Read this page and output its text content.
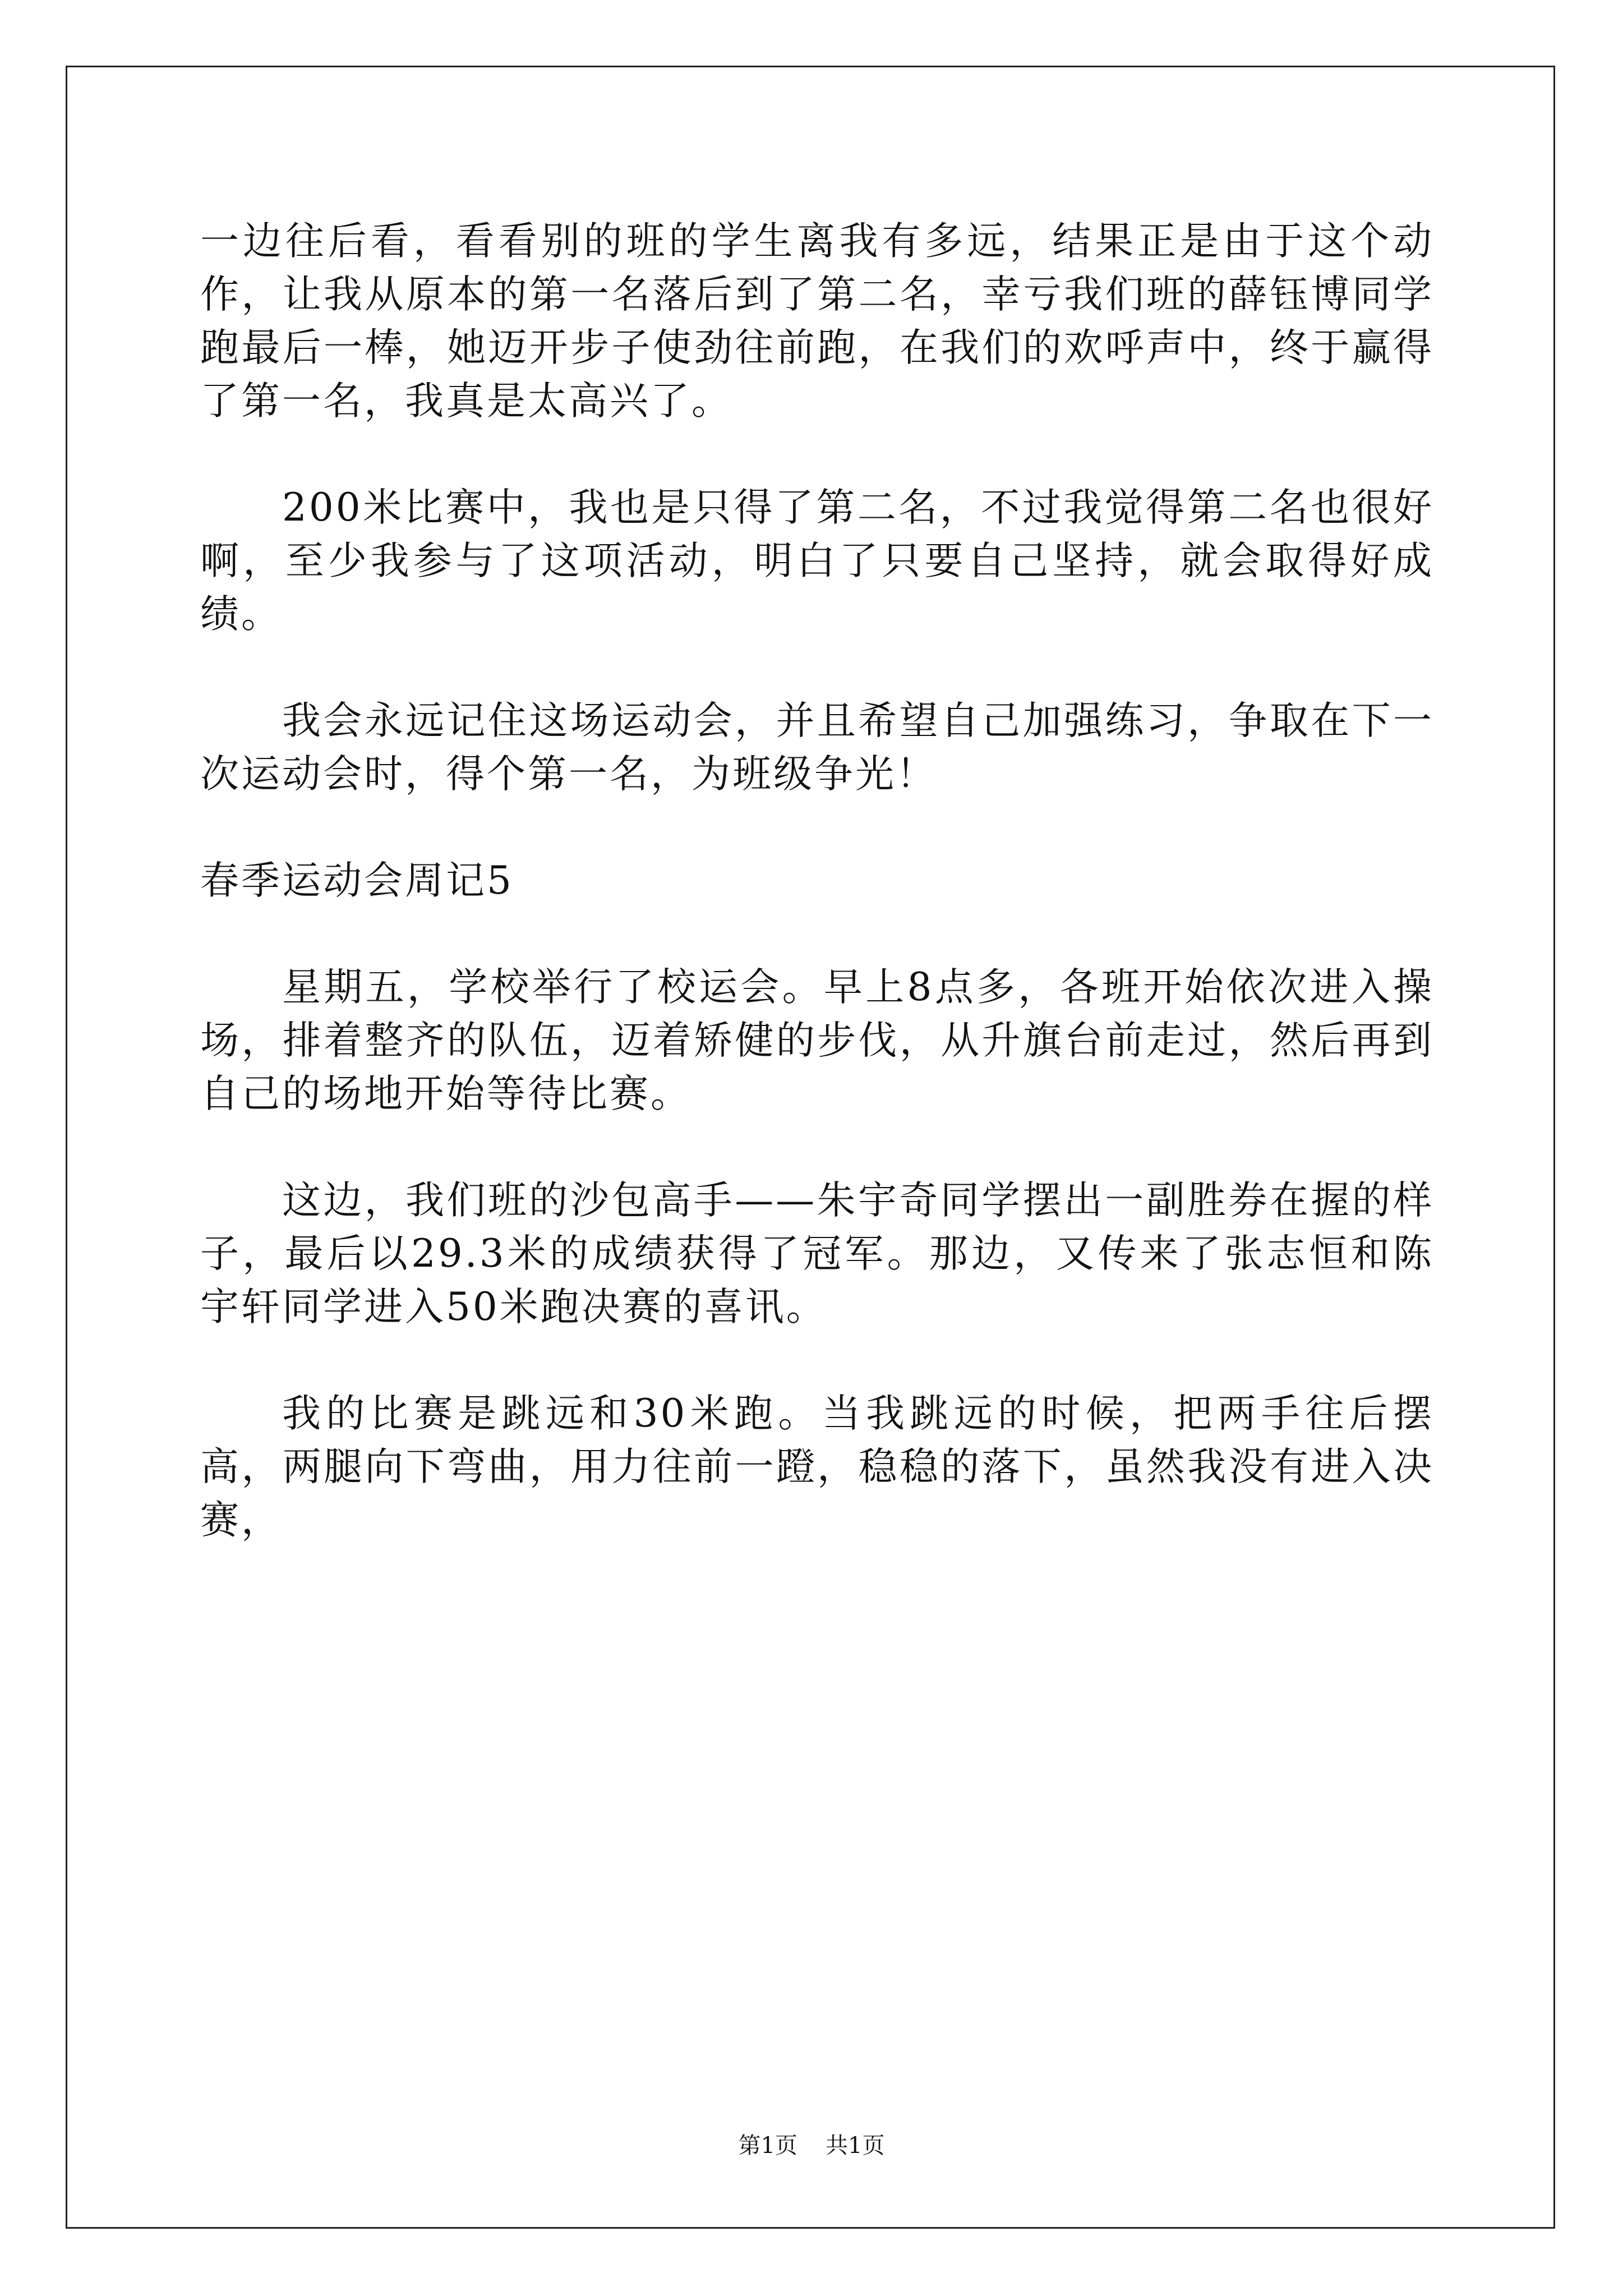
一边往后看，看看别的班的学生离我有多远，结果正是由于这个动作，让我从原本的第一名落后到了第二名，幸亏我们班的薛钰博同学跑最后一棒，她迈开步子使劲往前跑，在我们的欢呼声中，终于赢得了第一名，我真是太高兴了。

200米比赛中，我也是只得了第二名，不过我觉得第二名也很好啊，至少我参与了这项活动，明白了只要自己坚持，就会取得好成绩。

我会永远记住这场运动会，并且希望自己加强练习，争取在下一次运动会时，得个第一名，为班级争光！

春季运动会周记5

星期五，学校举行了校运会。早上8点多，各班开始依次进入操场，排着整齐的队伍，迈着矫健的步伐，从升旗台前走过，然后再到自己的场地开始等待比赛。

这边，我们班的沙包高手——朱宇奇同学摆出一副胜券在握的样子，最后以29.3米的成绩获得了冠军。那边，又传来了张志恒和陈宇轩同学进入50米跑决赛的喜讯。

我的比赛是跳远和30米跑。当我跳远的时候，把两手往后摆高，两腿向下弯曲，用力往前一蹬，稳稳的落下，虽然我没有进入决赛，

第1页 共1页
